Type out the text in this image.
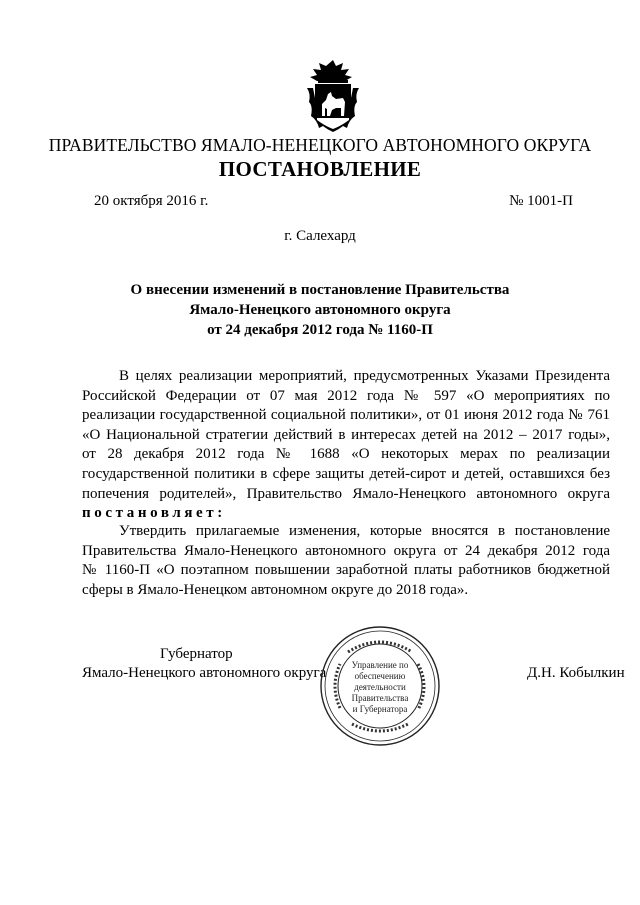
ПРАВИТЕЛЬСТВО ЯМАЛО-НЕНЕЦКОГО АВТОНОМНОГО ОКРУГА
ПОСТАНОВЛЕНИЕ
20 октября 2016 г.	№ 1001-П
г. Салехард
О внесении изменений в постановление Правительства
Ямало-Ненецкого автономного округа
от 24 декабря 2012 года № 1160-П
В целях реализации мероприятий, предусмотренных Указами Президента
Российской Федерации от 07 мая 2012 года № 597 «О мероприятиях по
реализации государственной социальной политики», от 01 июня 2012 года № 761
«О Национальной стратегии действий в интересах детей на 2012 – 2017 годы»,
от 28 декабря 2012 года № 1688 «О некоторых мерах по реализации
государственной политики в сфере защиты детей-сирот и детей, оставшихся без
попечения родителей», Правительство Ямало-Ненецкого автономного округа
постановляет:
Утвердить прилагаемые изменения, которые вносятся в постановление
Правительства Ямало-Ненецкого автономного округа от 24 декабря 2012 года
№ 1160-П «О поэтапном повышении заработной платы работников бюджетной
сферы в Ямало-Ненецком автономном округе до 2018 года».
Губернатор
Ямало-Ненецкого автономного округа	Д.Н. Кобылкин
Управление по
обеспечению
деятельности
Правительства
и Губернатора
